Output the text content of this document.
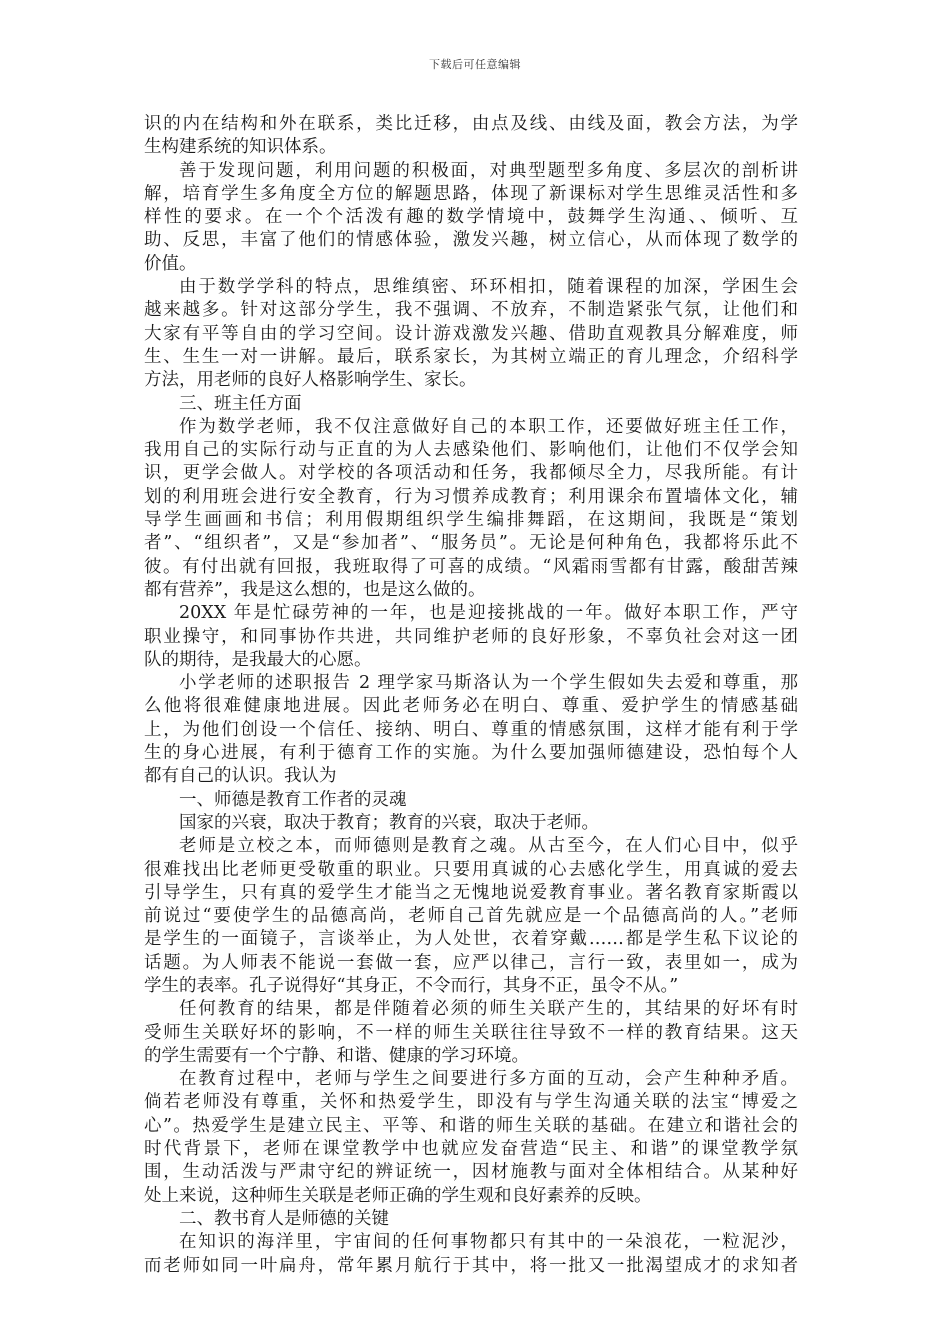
下载后可任意编辑
识的内在结构和外在联系，类比迁移，由点及线、由线及面，教会方法，为学
生构建系统的知识体系。
善于发现问题，利用问题的积极面，对典型题型多角度、多层次的剖析讲
解，培育学生多角度全方位的解题思路，体现了新课标对学生思维灵活性和多
样性的要求。在一个个活泼有趣的数学情境中，鼓舞学生沟通、、倾听、互
助、反思，丰富了他们的情感体验，激发兴趣，树立信心，从而体现了数学的
价值。
由于数学学科的特点，思维缜密、环环相扣，随着课程的加深，学困生会
越来越多。针对这部分学生，我不强调、不放弃，不制造紧张气氛，让他们和
大家有平等自由的学习空间。设计游戏激发兴趣、借助直观教具分解难度，师
生、生生一对一讲解。最后，联系家长，为其树立端正的育儿理念，介绍科学
方法，用老师的良好人格影响学生、家长。
三、班主任方面
作为数学老师，我不仅注意做好自己的本职工作，还要做好班主任工作，
我用自己的实际行动与正直的为人去感染他们、影响他们，让他们不仅学会知
识，更学会做人。对学校的各项活动和任务，我都倾尽全力，尽我所能。有计
划的利用班会进行安全教育，行为习惯养成教育；利用课余布置墙体文化，辅
导学生画画和书信；利用假期组织学生编排舞蹈，在这期间，我既是“策划
者”、“组织者”，又是“参加者”、“服务员”。无论是何种角色，我都将乐此不
彼。有付出就有回报，我班取得了可喜的成绩。“风霜雨雪都有甘露，酸甜苦辣
都有营养”，我是这么想的，也是这么做的。
20XX 年是忙碌劳神的一年，也是迎接挑战的一年。做好本职工作，严守
职业操守，和同事协作共进，共同维护老师的良好形象，不辜负社会对这一团
队的期待，是我最大的心愿。
小学老师的述职报告 2 理学家马斯洛认为一个学生假如失去爱和尊重，那
么他将很难健康地进展。因此老师务必在明白、尊重、爱护学生的情感基础
上，为他们创设一个信任、接纳、明白、尊重的情感氛围，这样才能有利于学
生的身心进展，有利于德育工作的实施。为什么要加强师德建设，恐怕每个人
都有自己的认识。我认为
一、师德是教育工作者的灵魂
国家的兴衰，取决于教育；教育的兴衰，取决于老师。
老师是立校之本，而师德则是教育之魂。从古至今，在人们心目中，似乎
很难找出比老师更受敬重的职业。只要用真诚的心去感化学生，用真诚的爱去
引导学生，只有真的爱学生才能当之无愧地说爱教育事业。著名教育家斯霞以
前说过“要使学生的品德高尚，老师自己首先就应是一个品德高尚的人。”老师
是学生的一面镜子，言谈举止，为人处世，衣着穿戴……都是学生私下议论的
话题。为人师表不能说一套做一套，应严以律己，言行一致，表里如一，成为
学生的表率。孔子说得好“其身正，不令而行，其身不正，虽令不从。”
任何教育的结果，都是伴随着必须的师生关联产生的，其结果的好坏有时
受师生关联好坏的影响，不一样的师生关联往往导致不一样的教育结果。这天
的学生需要有一个宁静、和谐、健康的学习环境。
在教育过程中，老师与学生之间要进行多方面的互动，会产生种种矛盾。
倘若老师没有尊重，关怀和热爱学生，即没有与学生沟通关联的法宝“博爱之
心”。热爱学生是建立民主、平等、和谐的师生关联的基础。在建立和谐社会的
时代背景下，老师在课堂教学中也就应发奋营造“民主、和谐”的课堂教学氛
围，生动活泼与严肃守纪的辨证统一，因材施教与面对全体相结合。从某种好
处上来说，这种师生关联是老师正确的学生观和良好素养的反映。
二、教书育人是师德的关键
在知识的海洋里，宇宙间的任何事物都只有其中的一朵浪花，一粒泥沙，
而老师如同一叶扁舟，常年累月航行于其中，将一批又一批渴望成才的求知者
